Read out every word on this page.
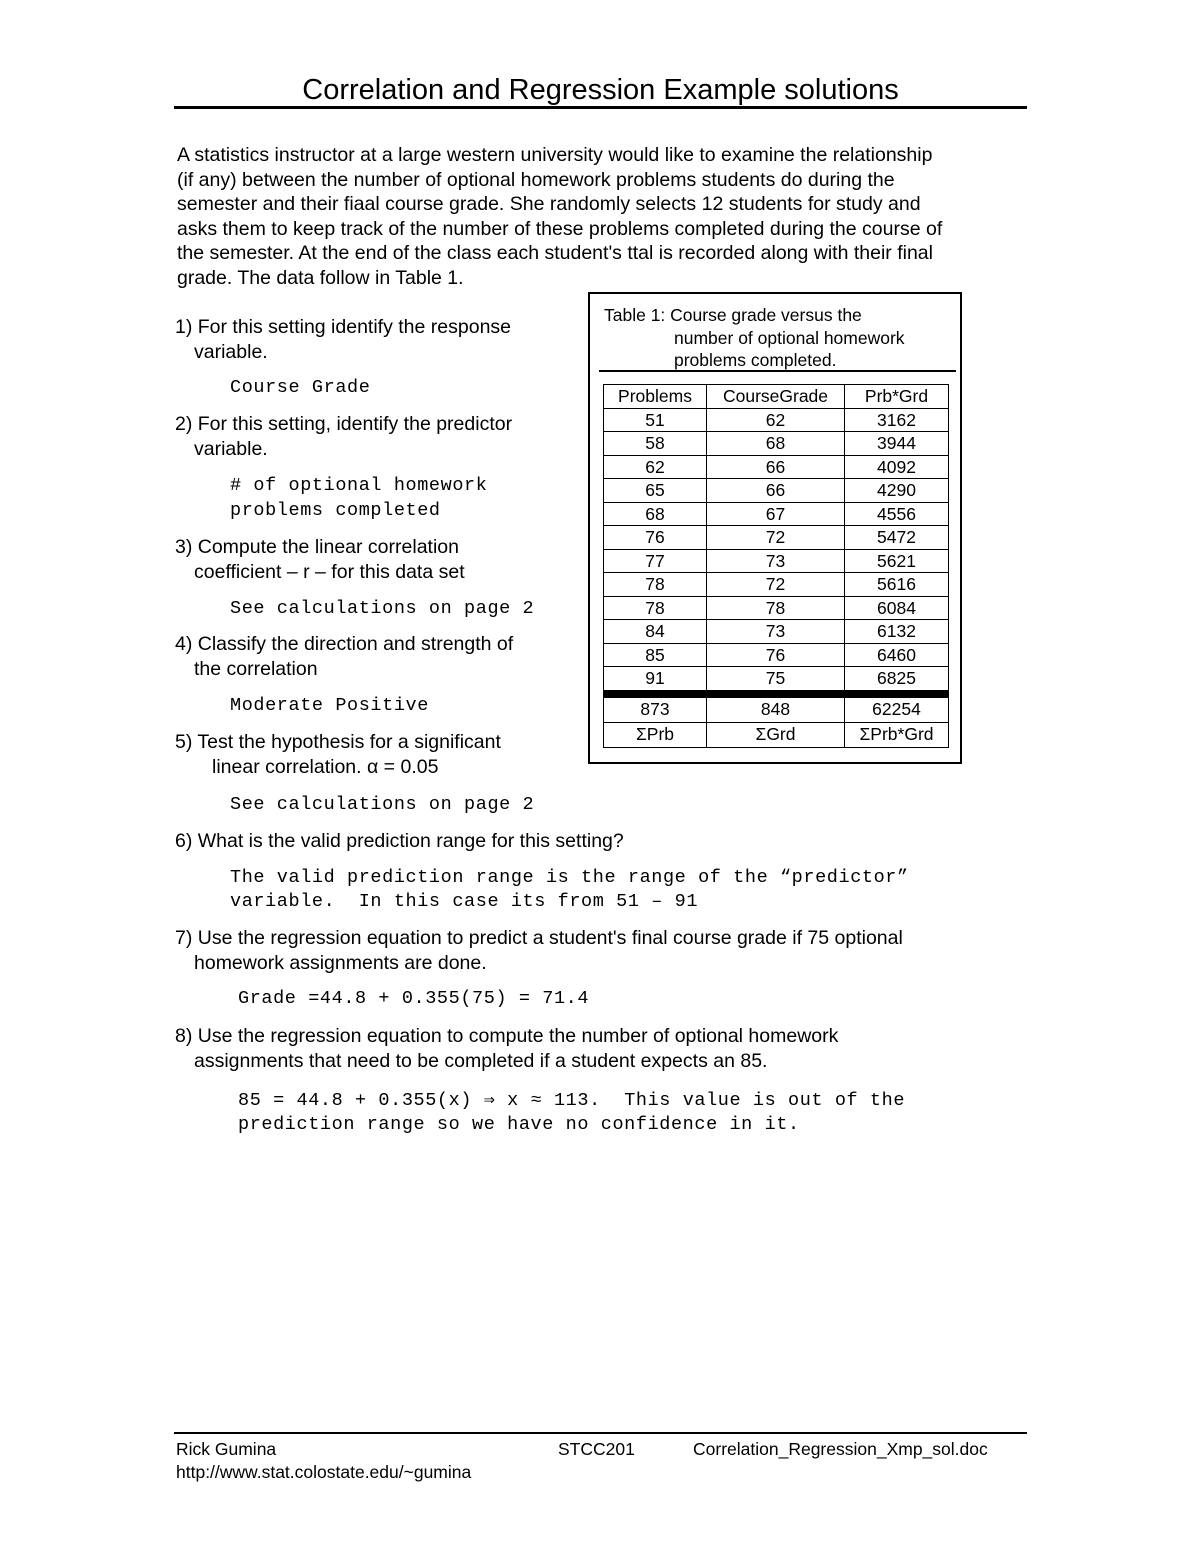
Correlation and Regression Example solutions

A statistics instructor at a large western university would like to examine the relationship

(if any) between the number of optional homework problems students do during the

semester and their fiaal course grade. She randomly selects 12 students for study and

asks them to keep track of the number of these problems completed during the course of

the semester. At the end of the class each student's ttal is recorded along with their final

grade. The data follow in Table 1.

1) For this setting identify the response
variable.
Course Grade
2) For this setting, identify the predictor
variable.
# of optional homework
problems completed
3) Compute the linear correlation
coefficient – r – for this data set
See calculations on page 2
4) Classify the direction and strength of
the correlation
Moderate Positive
5) Test the hypothesis for a significant
linear correlation. α = 0.05
See calculations on page 2
6) What is the valid prediction range for this setting?
The valid prediction range is the range of the “predictor”
variable.  In this case its from 51 – 91
7) Use the regression equation to predict a student's final course grade if 75 optional
homework assignments are done.
Grade =44.8 + 0.355(75) = 71.4
8) Use the regression equation to compute the number of optional homework
assignments that need to be completed if a student expects an 85.
85 = 44.8 + 0.355(x) ⇒ x ≈ 113.  This value is out of the
prediction range so we have no confidence in it.
Table 1: Course grade versus the
number of optional homework
problems completed.
Problems	CourseGrade	Prb*Grd
51	62	3162
58	68	3944
62	66	4092
65	66	4290
68	67	4556
76	72	5472
77	73	5621
78	72	5616
78	78	6084
84	73	6132
85	76	6460
91	75	6825

873	848	62254
ΣPrb	ΣGrd	ΣPrb*Grd
Rick Gumina
http://www.stat.colostate.edu/~gumina
STCC201	Correlation_Regression_Xmp_sol.doc
